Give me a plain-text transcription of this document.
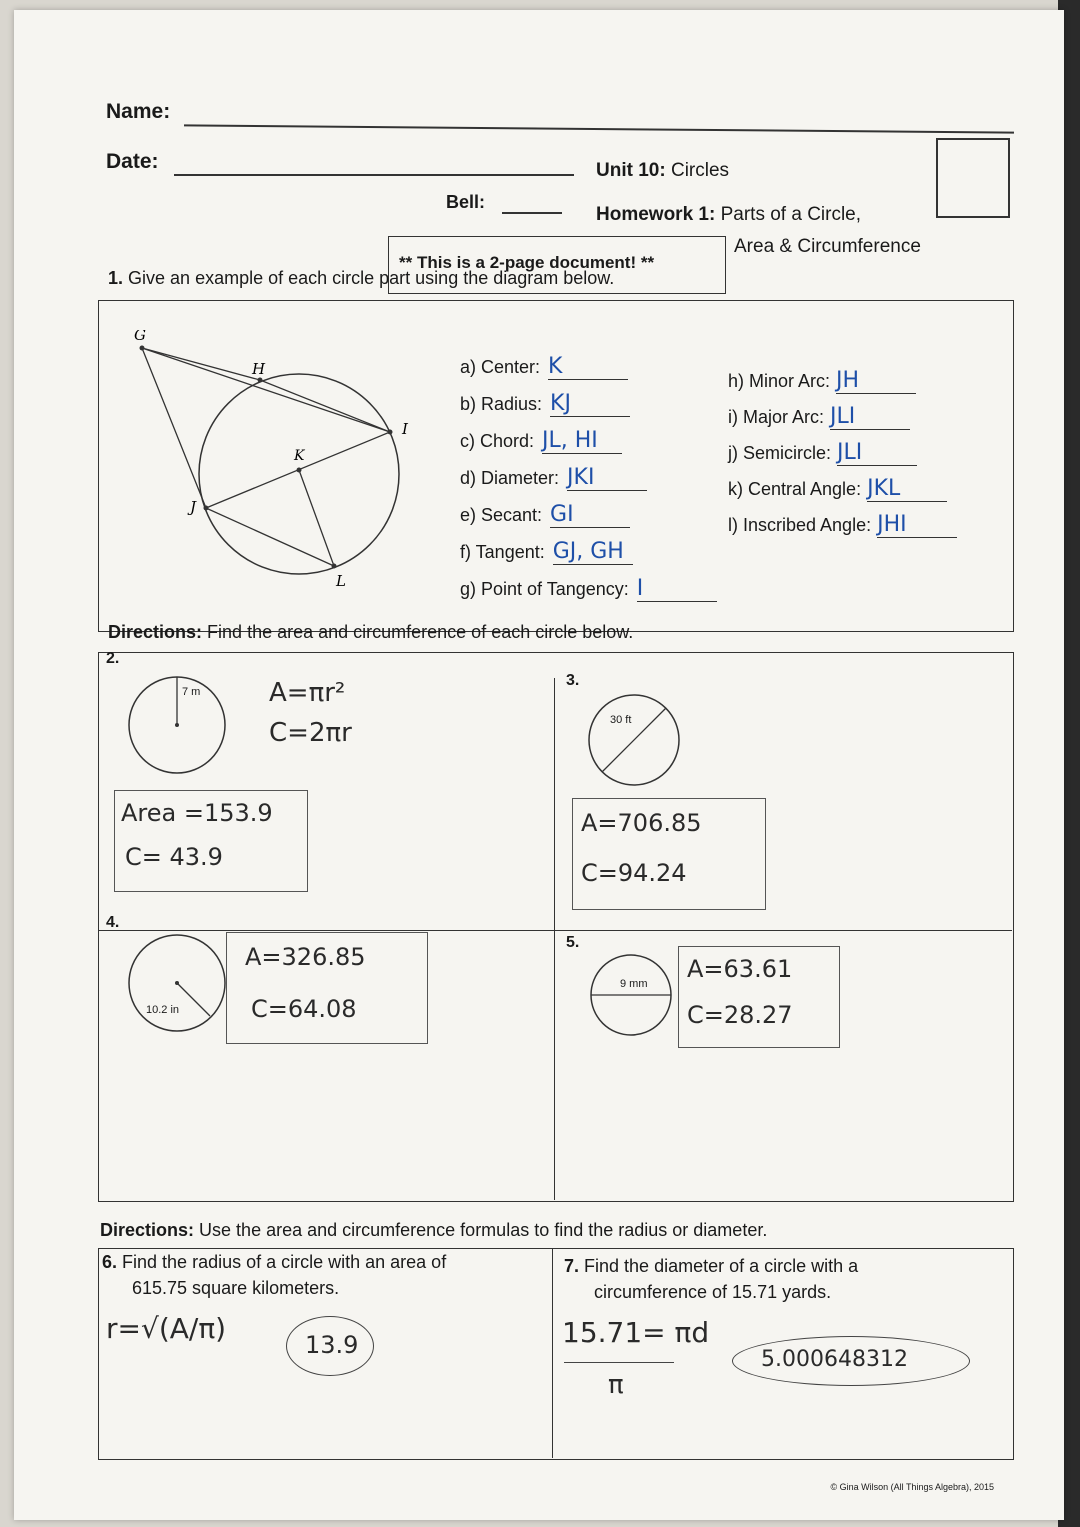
Name:
Date:
Bell:
Unit 10: Circles
Homework 1: Parts of a Circle,
Area & Circumference
** This is a 2-page document! **
1. Give an example of each circle part using the diagram below.
G
H
I
K
J
L
Directions: Find the area and circumference of each circle below.
2.
7 m	A=πr²
C=2πr
Area =153.9
C= 43.9
3.
30 ft
A=706.85
C=94.24
4.
10.2 in
A=326.85
C=64.08
5.
9 mm
A=63.61
C=28.27
Directions: Use the area and circumference formulas to find the radius or diameter.
6. Find the radius of a circle with an area of
615.75 square kilometers.
r=√(A/π)	13.9
7. Find the diameter of a circle with a
circumference of 15.71 yards.
15.71= πd
π
5.000648312
© Gina Wilson (All Things Algebra), 2015
a) Center: K
b) Radius: KJ
c) Chord: JL, HI
d) Diameter: JKI
e) Secant: GI
f) Tangent: GJ, GH
g) Point of Tangency: I
h) Minor Arc: JH
i) Major Arc: JLI
j) Semicircle: JLI
k) Central Angle: JKL
l) Inscribed Angle: JHI
